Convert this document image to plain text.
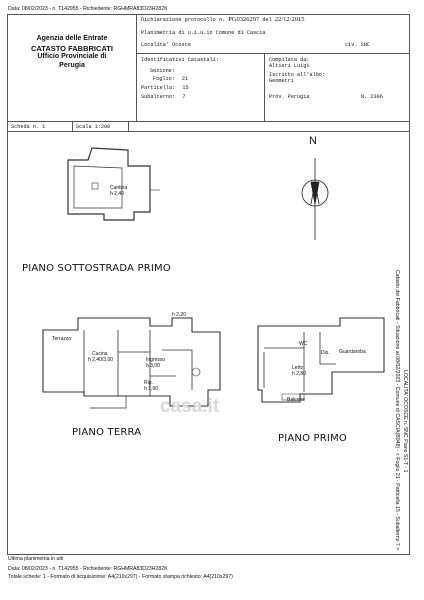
Data: 08/02/2023 - n. T142955 - Richiedente: RGHMRA83D23H282K
Agenzia delle Entrate
CATASTO FABBRICATI
Ufficio Provinciale di
Perugia
Dichiarazione protocollo n. PG0326297 del 22/12/2015
Planimetria di u.i.u.in Comune di Cascia
Localita' Ocosce	civ. SNC
Identificativi Catastali:
Sezione:
Foglio: 21
Particella: 15
Subalterno: 7
Compilata da:
Altieri Luigi
Iscritto all'albo:
Geometri
Prov. Perugia	N. 2396
Scheda n. 1	Scala 1:200
Cantina
h 2,40
PIANO SOTTOSTRADA PRIMO
h 2,20
Terrazzo
Cucina
h 2,40/3,00	Ingresso
h 3,00
Rip.
h 1,90
WC
Dis. Guardaroba
Letto
h 2,80
Balcone
PIANO TERRA
PIANO PRIMO
N
casa.it	Catasto dei Fabbricati - Situazione al 08/02/2023 - Comune di CASCIA(B948) - < Foglio 21 - Particella 15 - Subalterno 7 > LOCALITA' OCOSCE n. SNC Piano S1-T - 1
Ultima planimetria in atti
Data: 08/02/2023 - n. T142955 - Richiedente: RGHMRA83D23H282K
Totale schede: 1 - Formato di acquisizione: A4(210x297) - Formato stampa richiesto: A4(210x297)
